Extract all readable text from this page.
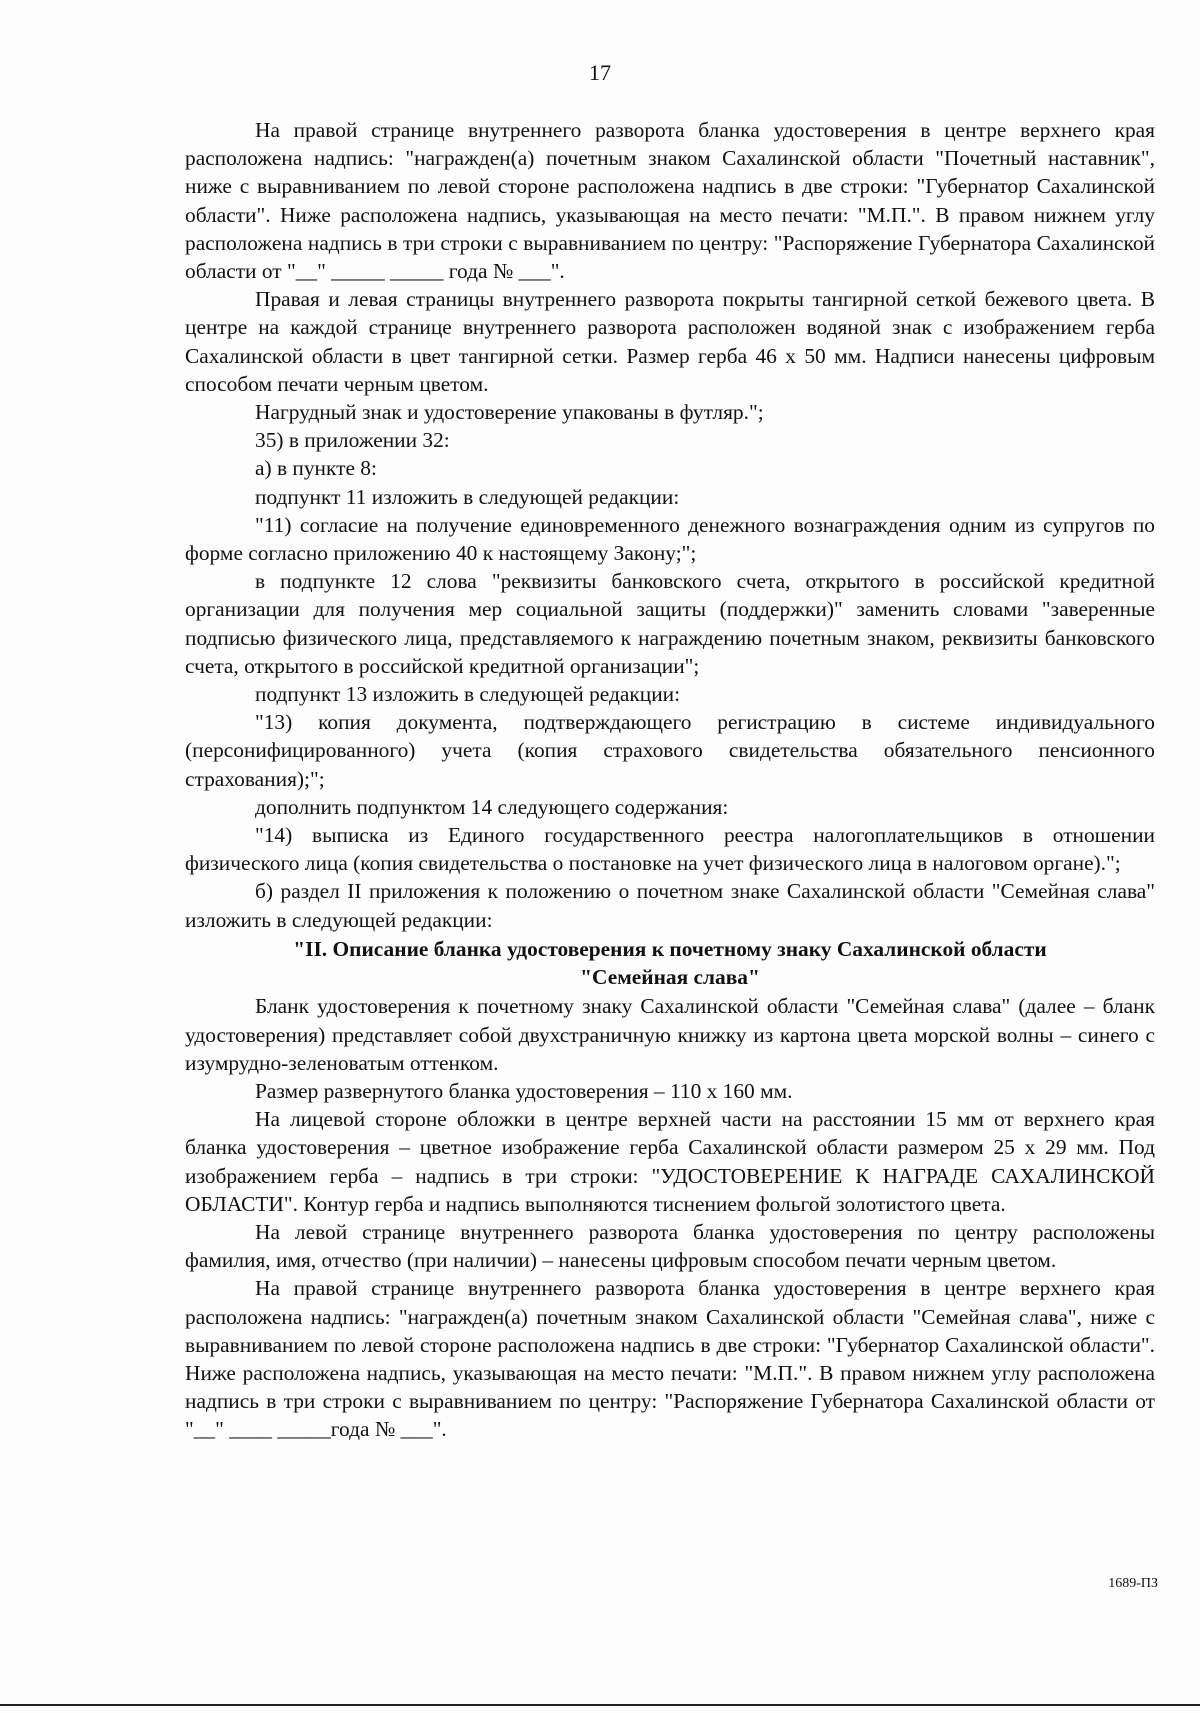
17

На правой странице внутреннего разворота бланка удостоверения в центре верхнего края расположена надпись: "награжден(а) почетным знаком Сахалинской области "Почетный наставник", ниже с выравниванием по левой стороне расположена надпись в две строки: "Губернатор Сахалинской области". Ниже расположена надпись, указывающая на место печати: "М.П.". В правом нижнем углу расположена надпись в три строки с выравниванием по центру: "Распоряжение Губернатора Сахалинской области от "__" _____ _____ года № ___".

Правая и левая страницы внутреннего разворота покрыты тангирной сеткой бежевого цвета. В центре на каждой странице внутреннего разворота расположен водяной знак с изображением герба Сахалинской области в цвет тангирной сетки. Размер герба 46 x 50 мм. Надписи нанесены цифровым способом печати черным цветом.

Нагрудный знак и удостоверение упакованы в футляр.";

35) в приложении 32:

а) в пункте 8:

подпункт 11 изложить в следующей редакции:

"11) согласие на получение единовременного денежного вознаграждения одним из супругов по форме согласно приложению 40 к настоящему Закону;";

в подпункте 12 слова "реквизиты банковского счета, открытого в российской кредитной организации для получения мер социальной защиты (поддержки)" заменить словами "заверенные подписью физического лица, представляемого к награждению почетным знаком, реквизиты банковского счета, открытого в российской кредитной организации";

подпункт 13 изложить в следующей редакции:

"13) копия документа, подтверждающего регистрацию в системе индивидуального (персонифицированного) учета (копия страхового свидетельства обязательного пенсионного страхования);";

дополнить подпунктом 14 следующего содержания:

"14) выписка из Единого государственного реестра налогоплательщиков в отношении физического лица (копия свидетельства о постановке на учет физического лица в налоговом органе).";

б) раздел II приложения к положению о почетном знаке Сахалинской области "Семейная слава" изложить в следующей редакции:

"II. Описание бланка удостоверения к почетному знаку Сахалинской области
"Семейная слава"

Бланк удостоверения к почетному знаку Сахалинской области "Семейная слава" (далее – бланк удостоверения) представляет собой двухстраничную книжку из картона цвета морской волны – синего с изумрудно-зеленоватым оттенком.

Размер развернутого бланка удостоверения – 110 x 160 мм.

На лицевой стороне обложки в центре верхней части на расстоянии 15 мм от верхнего края бланка удостоверения – цветное изображение герба Сахалинской области размером 25 x 29 мм. Под изображением герба – надпись в три строки: "УДОСТОВЕРЕНИЕ К НАГРАДЕ САХАЛИНСКОЙ ОБЛАСТИ". Контур герба и надпись выполняются тиснением фольгой золотистого цвета.

На левой странице внутреннего разворота бланка удостоверения по центру расположены фамилия, имя, отчество (при наличии) – нанесены цифровым способом печати черным цветом.

На правой странице внутреннего разворота бланка удостоверения в центре верхнего края расположена надпись: "награжден(а) почетным знаком Сахалинской области "Семейная слава", ниже с выравниванием по левой стороне расположена надпись в две строки: "Губернатор Сахалинской области". Ниже расположена надпись, указывающая на место печати: "М.П.". В правом нижнем углу расположена надпись в три строки с выравниванием по центру: "Распоряжение Губернатора Сахалинской области от "__" ____ _____года № ___".

1689-ПЗ
